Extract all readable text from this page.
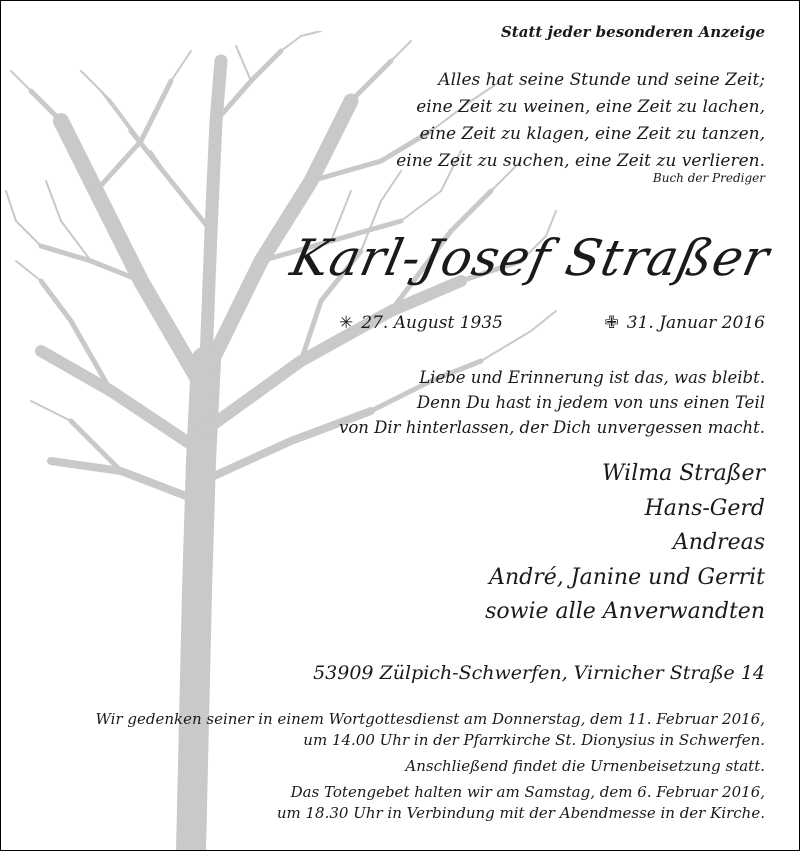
Statt jeder besonderen Anzeige
Alles hat seine Stunde und seine Zeit;
eine Zeit zu weinen, eine Zeit zu lachen,
eine Zeit zu klagen, eine Zeit zu tanzen,
eine Zeit zu suchen, eine Zeit zu verlieren.
Buch der Prediger
Karl-Josef Straßer
✳ 27. August 1935	✙ 31. Januar 2016
Liebe und Erinnerung ist das, was bleibt.
Denn Du hast in jedem von uns einen Teil
von Dir hinterlassen, der Dich unvergessen macht.
Wilma Straßer
Hans-Gerd
Andreas
André, Janine und Gerrit
sowie alle Anverwandten
53909 Zülpich-Schwerfen, Virnicher Straße 14
Wir gedenken seiner in einem Wortgottesdienst am Donnerstag, dem 11. Februar 2016,
um 14.00 Uhr in der Pfarrkirche St. Dionysius in Schwerfen.
Anschließend findet die Urnenbeisetzung statt.
Das Totengebet halten wir am Samstag, dem 6. Februar 2016,
um 18.30 Uhr in Verbindung mit der Abendmesse in der Kirche.
